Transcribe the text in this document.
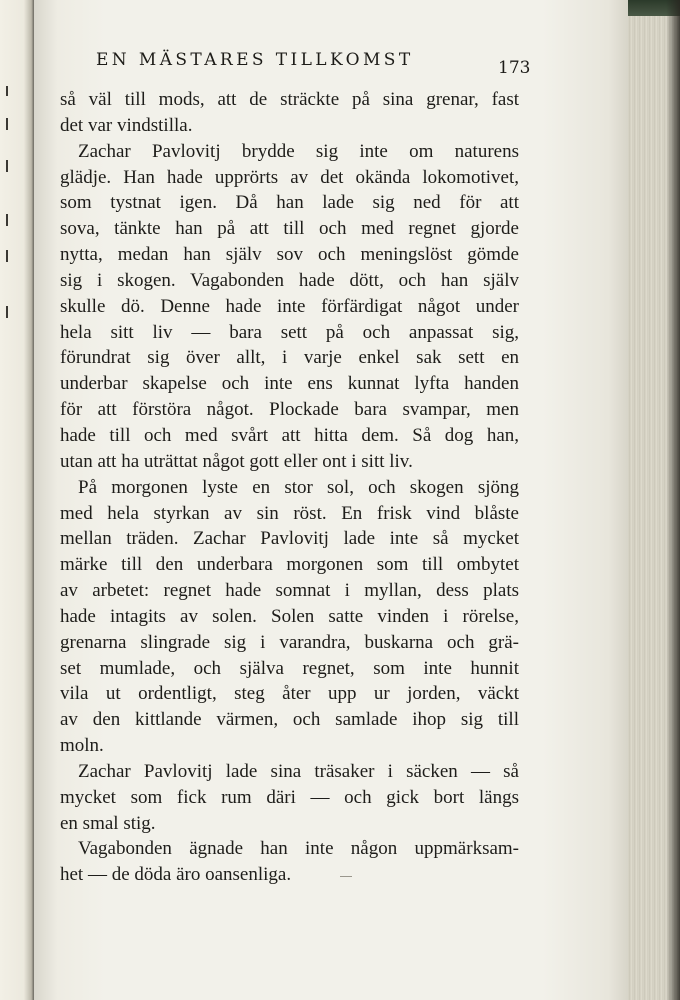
EN MÄSTARES TILLKOMST	173
så väl till mods, att de sträckte på sina grenar, fast
det var vindstilla.
Zachar Pavlovitj brydde sig inte om naturens
glädje. Han hade upprörts av det okända lokomotivet,
som tystnat igen. Då han lade sig ned för att
sova, tänkte han på att till och med regnet gjorde
nytta, medan han själv sov och meningslöst gömde
sig i skogen. Vagabonden hade dött, och han själv
skulle dö. Denne hade inte förfärdigat något under
hela sitt liv — bara sett på och anpassat sig,
förundrat sig över allt, i varje enkel sak sett en
underbar skapelse och inte ens kunnat lyfta handen
för att förstöra något. Plockade bara svampar, men
hade till och med svårt att hitta dem. Så dog han,
utan att ha uträttat något gott eller ont i sitt liv.
På morgonen lyste en stor sol, och skogen sjöng
med hela styrkan av sin röst. En frisk vind blåste
mellan träden. Zachar Pavlovitj lade inte så mycket
märke till den underbara morgonen som till ombytet
av arbetet: regnet hade somnat i myllan, dess plats
hade intagits av solen. Solen satte vinden i rörelse,
grenarna slingrade sig i varandra, buskarna och grä-
set mumlade, och själva regnet, som inte hunnit
vila ut ordentligt, steg åter upp ur jorden, väckt
av den kittlande värmen, och samlade ihop sig till
moln.
Zachar Pavlovitj lade sina träsaker i säcken — så
mycket som fick rum däri — och gick bort längs
en smal stig.
Vagabonden ägnade han inte någon uppmärksam-
het — de döda äro oansenliga.
